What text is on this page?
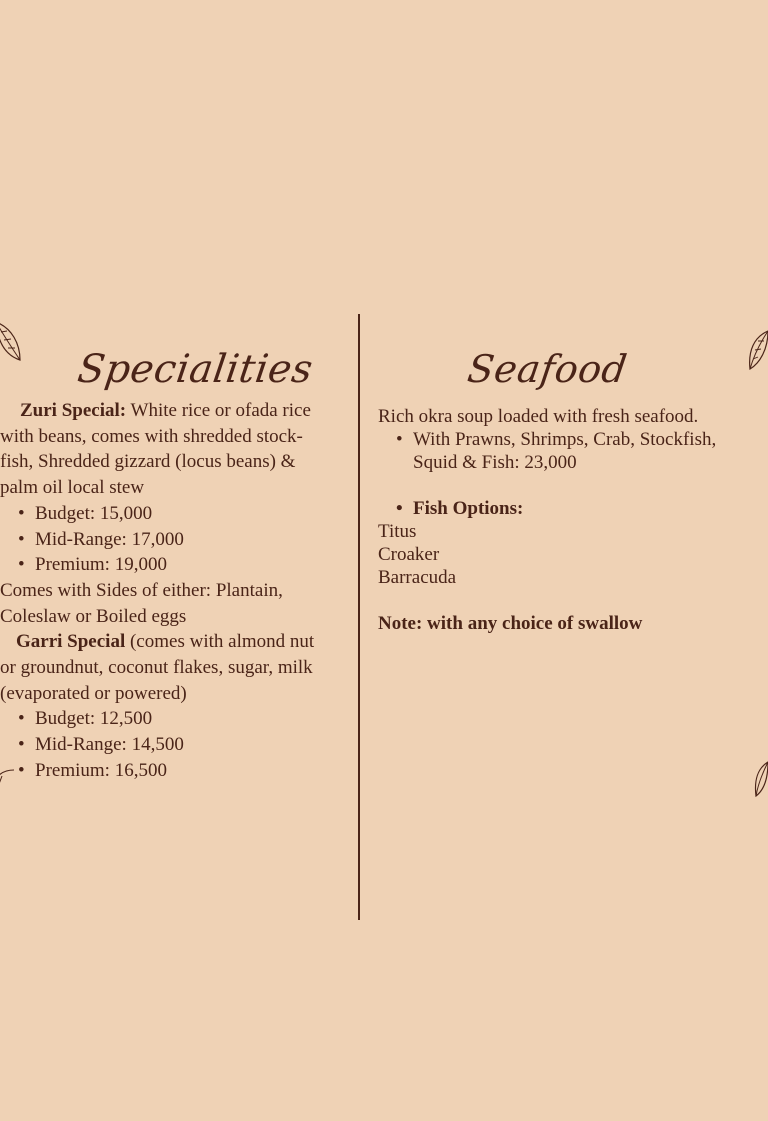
Specialities	Seafood
Zuri Special: White rice or ofada rice
with beans, comes with shredded stock-
fish, Shredded gizzard (locus beans) &
palm oil local stew
• Budget: 15,000
• Mid-Range: 17,000
• Premium: 19,000
Comes with Sides of either: Plantain,
Coleslaw or Boiled eggs
Garri Special (comes with almond nut
or groundnut, coconut flakes, sugar, milk
(evaporated or powered)
• Budget: 12,500
• Mid-Range: 14,500
• Premium: 16,500
Rich okra soup loaded with fresh seafood.
• With Prawns, Shrimps, Crab, Stockfish,
Squid & Fish: 23,000
• Fish Options:
Titus
Croaker
Barracuda
Note: with any choice of swallow
